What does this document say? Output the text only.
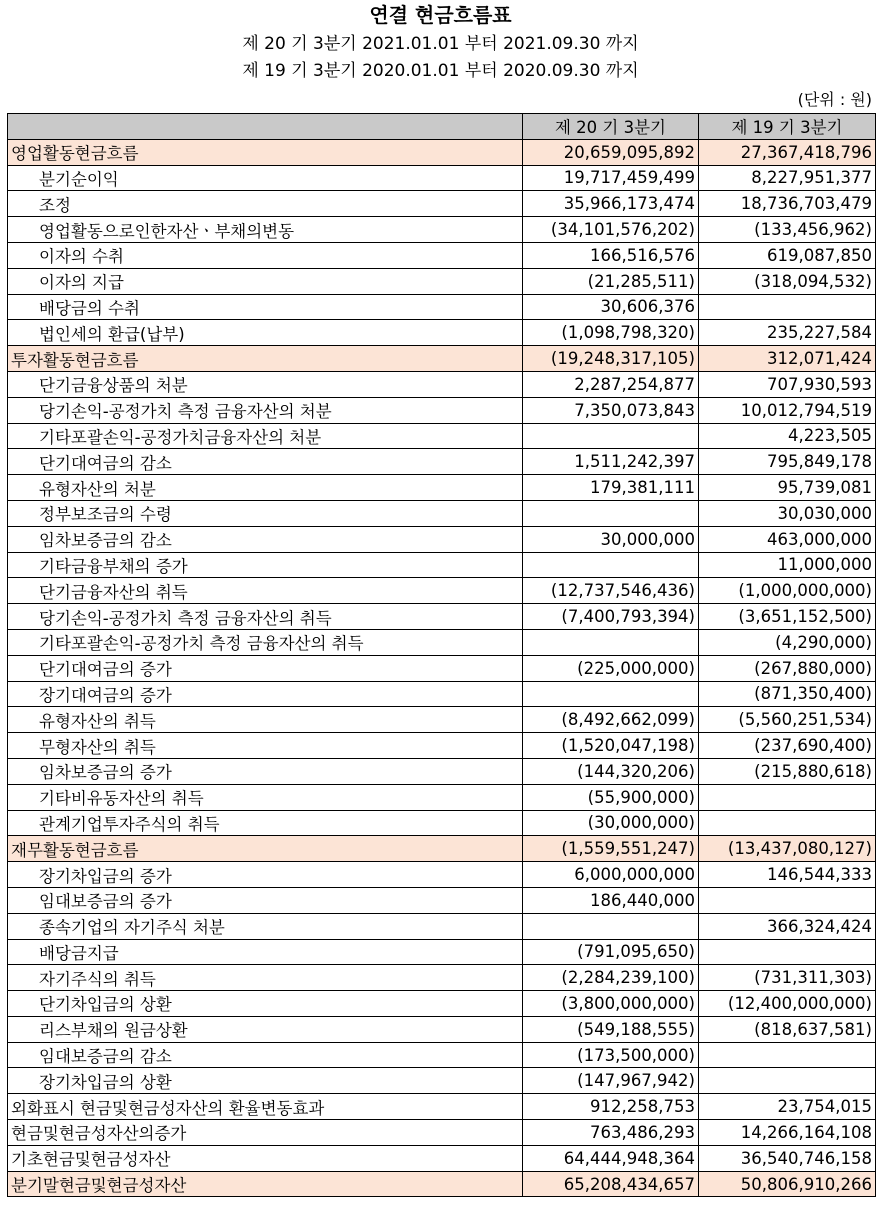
연결 현금흐름표
제 20 기 3분기 2021.01.01 부터 2021.09.30 까지
제 19 기 3분기 2020.01.01 부터 2020.09.30 까지
(단위 : 원)
	제 20 기 3분기	제 19 기 3분기
영업활동현금흐름	20,659,095,892	27,367,418,796
분기순이익	19,717,459,499	8,227,951,377
조정	35,966,173,474	18,736,703,479
영업활동으로인한자산ㆍ부채의변동	(34,101,576,202)	(133,456,962)
이자의 수취	166,516,576	619,087,850
이자의 지급	(21,285,511)	(318,094,532)
배당금의 수취	30,606,376	
법인세의 환급(납부)	(1,098,798,320)	235,227,584
투자활동현금흐름	(19,248,317,105)	312,071,424
단기금융상품의 처분	2,287,254,877	707,930,593
당기손익-공정가치 측정 금융자산의 처분	7,350,073,843	10,012,794,519
기타포괄손익-공정가치금융자산의 처분		4,223,505
단기대여금의 감소	1,511,242,397	795,849,178
유형자산의 처분	179,381,111	95,739,081
정부보조금의 수령		30,030,000
임차보증금의 감소	30,000,000	463,000,000
기타금융부채의 증가		11,000,000
단기금융자산의 취득	(12,737,546,436)	(1,000,000,000)
당기손익-공정가치 측정 금융자산의 취득	(7,400,793,394)	(3,651,152,500)
기타포괄손익-공정가치 측정 금융자산의 취득		(4,290,000)
단기대여금의 증가	(225,000,000)	(267,880,000)
장기대여금의 증가		(871,350,400)
유형자산의 취득	(8,492,662,099)	(5,560,251,534)
무형자산의 취득	(1,520,047,198)	(237,690,400)
임차보증금의 증가	(144,320,206)	(215,880,618)
기타비유동자산의 취득	(55,900,000)	
관계기업투자주식의 취득	(30,000,000)	
재무활동현금흐름	(1,559,551,247)	(13,437,080,127)
장기차입금의 증가	6,000,000,000	146,544,333
임대보증금의 증가	186,440,000	
종속기업의 자기주식 처분		366,324,424
배당금지급	(791,095,650)	
자기주식의 취득	(2,284,239,100)	(731,311,303)
단기차입금의 상환	(3,800,000,000)	(12,400,000,000)
리스부채의 원금상환	(549,188,555)	(818,637,581)
임대보증금의 감소	(173,500,000)	
장기차입금의 상환	(147,967,942)	
외화표시 현금및현금성자산의 환율변동효과	912,258,753	23,754,015
현금및현금성자산의증가	763,486,293	14,266,164,108
기초현금및현금성자산	64,444,948,364	36,540,746,158
분기말현금및현금성자산	65,208,434,657	50,806,910,266
